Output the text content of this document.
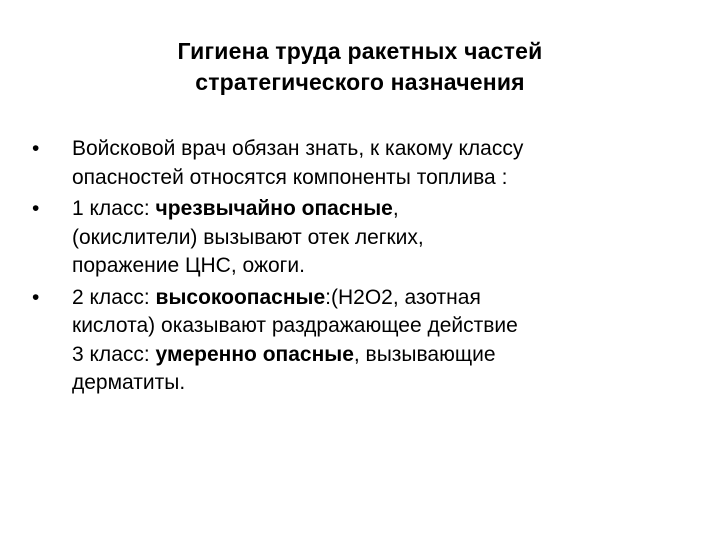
Гигиена труда ракетных частей
стратегического назначения
• Войсковой врач обязан знать, к какому классу
опасностей относятся компоненты топлива :
• 1 класс: чрезвычайно опасные,
(окислители) вызывают отек легких,
поражение ЦНС, ожоги.
• 2 класс: высокоопасные:(Н2О2, азотная
кислота) оказывают раздражающее действие
3 класс: умеренно опасные, вызывающие
дерматиты.
